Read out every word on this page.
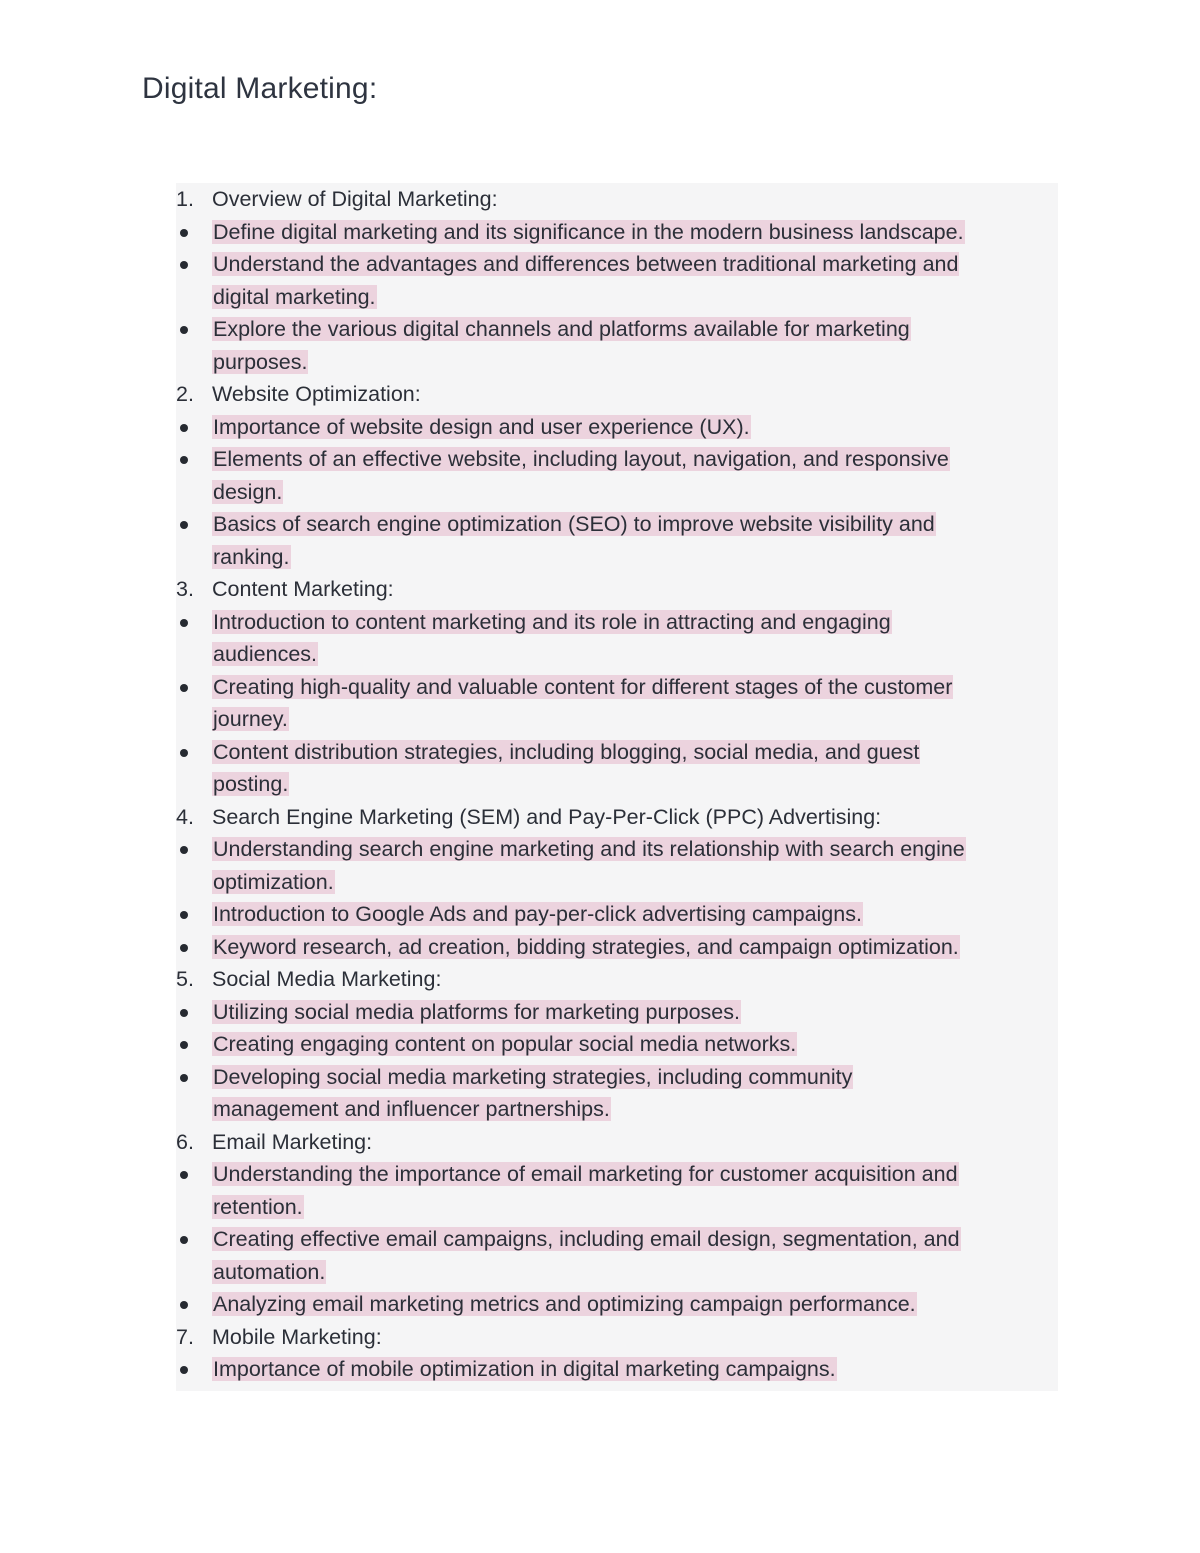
Digital Marketing:
1. Overview of Digital Marketing:
Define digital marketing and its significance in the modern business landscape.
Understand the advantages and differences between traditional marketing and
digital marketing.
Explore the various digital channels and platforms available for marketing
purposes.
2. Website Optimization:
Importance of website design and user experience (UX).
Elements of an effective website, including layout, navigation, and responsive
design.
Basics of search engine optimization (SEO) to improve website visibility and
ranking.
3. Content Marketing:
Introduction to content marketing and its role in attracting and engaging
audiences.
Creating high-quality and valuable content for different stages of the customer
journey.
Content distribution strategies, including blogging, social media, and guest
posting.
4. Search Engine Marketing (SEM) and Pay-Per-Click (PPC) Advertising:
Understanding search engine marketing and its relationship with search engine
optimization.
Introduction to Google Ads and pay-per-click advertising campaigns.
Keyword research, ad creation, bidding strategies, and campaign optimization.
5. Social Media Marketing:
Utilizing social media platforms for marketing purposes.
Creating engaging content on popular social media networks.
Developing social media marketing strategies, including community
management and influencer partnerships.
6. Email Marketing:
Understanding the importance of email marketing for customer acquisition and
retention.
Creating effective email campaigns, including email design, segmentation, and
automation.
Analyzing email marketing metrics and optimizing campaign performance.
7. Mobile Marketing:
Importance of mobile optimization in digital marketing campaigns.
